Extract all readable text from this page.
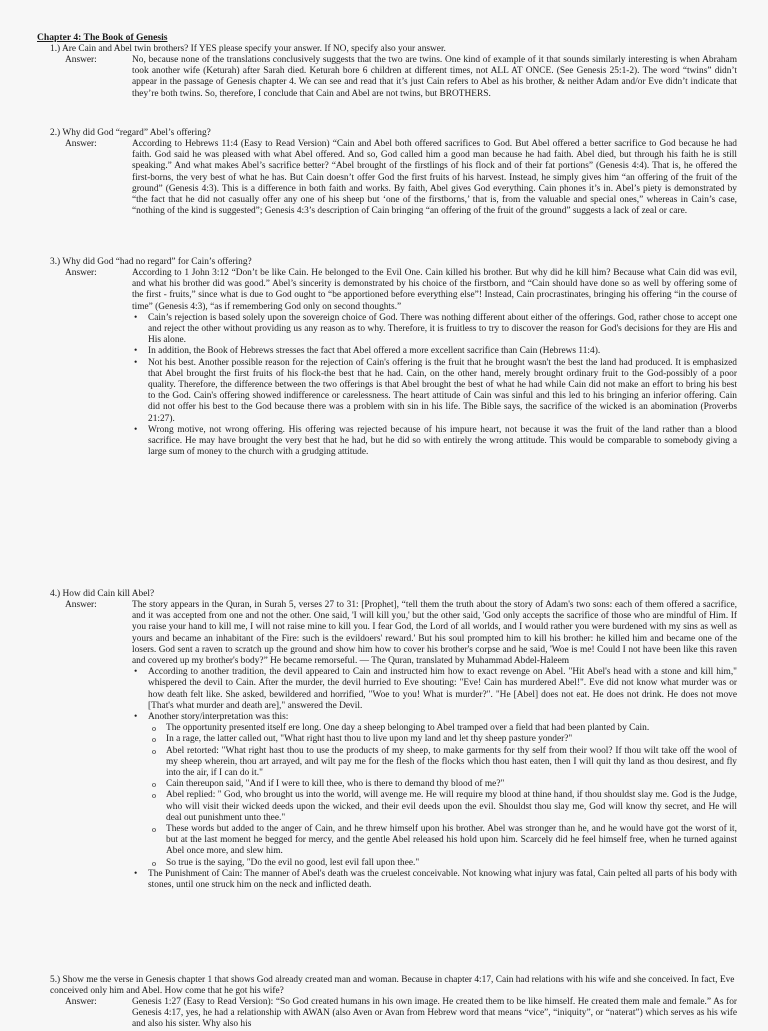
Chapter 4: The Book of Genesis
1.) Are Cain and Abel twin brothers? If YES please specify your answer. If NO, specify also your answer.
Answer:	No, because none of the translations conclusively suggests that the two are twins. One kind of example of it that sounds similarly interesting is when Abraham took another wife (Keturah) after Sarah died. Keturah bore 6 children at different times, not ALL AT ONCE. (See Genesis 25:1-2). The word “twins” didn’t appear in the passage of Genesis chapter 4. We can see and read that it’s just Cain refers to Abel as his brother, & neither Adam and/or Eve didn’t indicate that they’re both twins. So, therefore, I conclude that Cain and Abel are not twins, but BROTHERS.
2.) Why did God “regard” Abel’s offering?
Answer:	According to Hebrews 11:4 (Easy to Read Version) “Cain and Abel both offered sacrifices to God. But Abel offered a better sacrifice to God because he had faith. God said he was pleased with what Abel offered. And so, God called him a good man because he had faith. Abel died, but through his faith he is still speaking.” And what makes Abel’s sacrifice better? “Abel brought of the firstlings of his flock and of their fat portions” (Genesis 4:4). That is, he offered the first-borns, the very best of what he has. But Cain doesn’t offer God the first fruits of his harvest. Instead, he simply gives him “an offering of the fruit of the ground” (Genesis 4:3). This is a difference in both faith and works. By faith, Abel gives God everything. Cain phones it’s in. Abel’s piety is demonstrated by “the fact that he did not casually offer any one of his sheep but ‘one of the firstborns,’ that is, from the valuable and special ones,” whereas in Cain’s case, “nothing of the kind is suggested”; Genesis 4:3’s description of Cain bringing “an offering of the fruit of the ground” suggests a lack of zeal or care.
3.) Why did God “had no regard” for Cain’s offering?
Answer:	According to 1 John 3:12 “Don’t be like Cain. He belonged to the Evil One. Cain killed his brother. But why did he kill him? Because what Cain did was evil, and what his brother did was good.” Abel’s sincerity is demonstrated by his choice of the firstborn, and “Cain should have done so as well by offering some of the first - fruits,” since what is due to God ought to “be apportioned before everything else”! Instead, Cain procrastinates, bringing his offering “in the course of time” (Genesis 4:3), “as if remembering God only on second thoughts.”
• Cain’s rejection is based solely upon the sovereign choice of God. There was nothing different about either of the offerings. God, rather chose to accept one and reject the other without providing us any reason as to why. Therefore, it is fruitless to try to discover the reason for God's decisions for they are His and His alone.
• In addition, the Book of Hebrews stresses the fact that Abel offered a more excellent sacrifice than Cain (Hebrews 11:4).
• Not his best. Another possible reason for the rejection of Cain's offering is the fruit that he brought wasn't the best the land had produced. It is emphasized that Abel brought the first fruits of his flock-the best that he had. Cain, on the other hand, merely brought ordinary fruit to the God-possibly of a poor quality. Therefore, the difference between the two offerings is that Abel brought the best of what he had while Cain did not make an effort to bring his best to the God. Cain's offering showed indifference or carelessness. The heart attitude of Cain was sinful and this led to his bringing an inferior offering. Cain did not offer his best to the God because there was a problem with sin in his life. The Bible says, the sacrifice of the wicked is an abomination (Proverbs 21:27).
• Wrong motive, not wrong offering. His offering was rejected because of his impure heart, not because it was the fruit of the land rather than a blood sacrifice. He may have brought the very best that he had, but he did so with entirely the wrong attitude. This would be comparable to somebody giving a large sum of money to the church with a grudging attitude.
4.) How did Cain kill Abel?
Answer:	The story appears in the Quran, in Surah 5, verses 27 to 31: [Prophet], “tell them the truth about the story of Adam's two sons: each of them offered a sacrifice, and it was accepted from one and not the other. One said, 'I will kill you,' but the other said, 'God only accepts the sacrifice of those who are mindful of Him. If you raise your hand to kill me, I will not raise mine to kill you. I fear God, the Lord of all worlds, and I would rather you were burdened with my sins as well as yours and became an inhabitant of the Fire: such is the evildoers' reward.' But his soul prompted him to kill his brother: he killed him and became one of the losers. God sent a raven to scratch up the ground and show him how to cover his brother's corpse and he said, 'Woe is me! Could I not have been like this raven and covered up my brother's body?” He became remorseful. — The Quran, translated by Muhammad Abdel-Haleem
• According to another tradition, the devil appeared to Cain and instructed him how to exact revenge on Abel. "Hit Abel's head with a stone and kill him," whispered the devil to Cain. After the murder, the devil hurried to Eve shouting: "Eve! Cain has murdered Abel!". Eve did not know what murder was or how death felt like. She asked, bewildered and horrified, "Woe to you! What is murder?". "He [Abel] does not eat. He does not drink. He does not move [That's what murder and death are]," answered the Devil.
• Another story/interpretation was this:
o The opportunity presented itself ere long. One day a sheep belonging to Abel tramped over a field that had been planted by Cain.
o In a rage, the latter called out, "What right hast thou to live upon my land and let thy sheep pasture yonder?"
o Abel retorted: "What right hast thou to use the products of my sheep, to make garments for thy self from their wool? If thou wilt take off the wool of my sheep wherein, thou art arrayed, and wilt pay me for the flesh of the flocks which thou hast eaten, then I will quit thy land as thou desirest, and fly into the air, if I can do it."
o Cain thereupon said, "And if I were to kill thee, who is there to demand thy blood of me?"
o Abel replied: " God, who brought us into the world, will avenge me. He will require my blood at thine hand, if thou shouldst slay me. God is the Judge, who will visit their wicked deeds upon the wicked, and their evil deeds upon the evil. Shouldst thou slay me, God will know thy secret, and He will deal out punishment unto thee."
o These words but added to the anger of Cain, and he threw himself upon his brother. Abel was stronger than he, and he would have got the worst of it, but at the last moment he begged for mercy, and the gentle Abel released his hold upon him. Scarcely did he feel himself free, when he turned against Abel once more, and slew him.
o So true is the saying, "Do the evil no good, lest evil fall upon thee."
• The Punishment of Cain: The manner of Abel's death was the cruelest conceivable. Not knowing what injury was fatal, Cain pelted all parts of his body with stones, until one struck him on the neck and inflicted death.
5.) Show me the verse in Genesis chapter 1 that shows God already created man and woman. Because in chapter 4:17, Cain had relations with his wife and she conceived. In fact, Eve conceived only him and Abel. How come that he got his wife?
Answer:	Genesis 1:27 (Easy to Read Version): “So God created humans in his own image. He created them to be like himself. He created them male and female.” As for Genesis 4:17, yes, he had a relationship with AWAN (also Aven or Avan from Hebrew word that means “vice”, “iniquity”, or “naterat”) which serves as his wife and also his sister. Why also his
